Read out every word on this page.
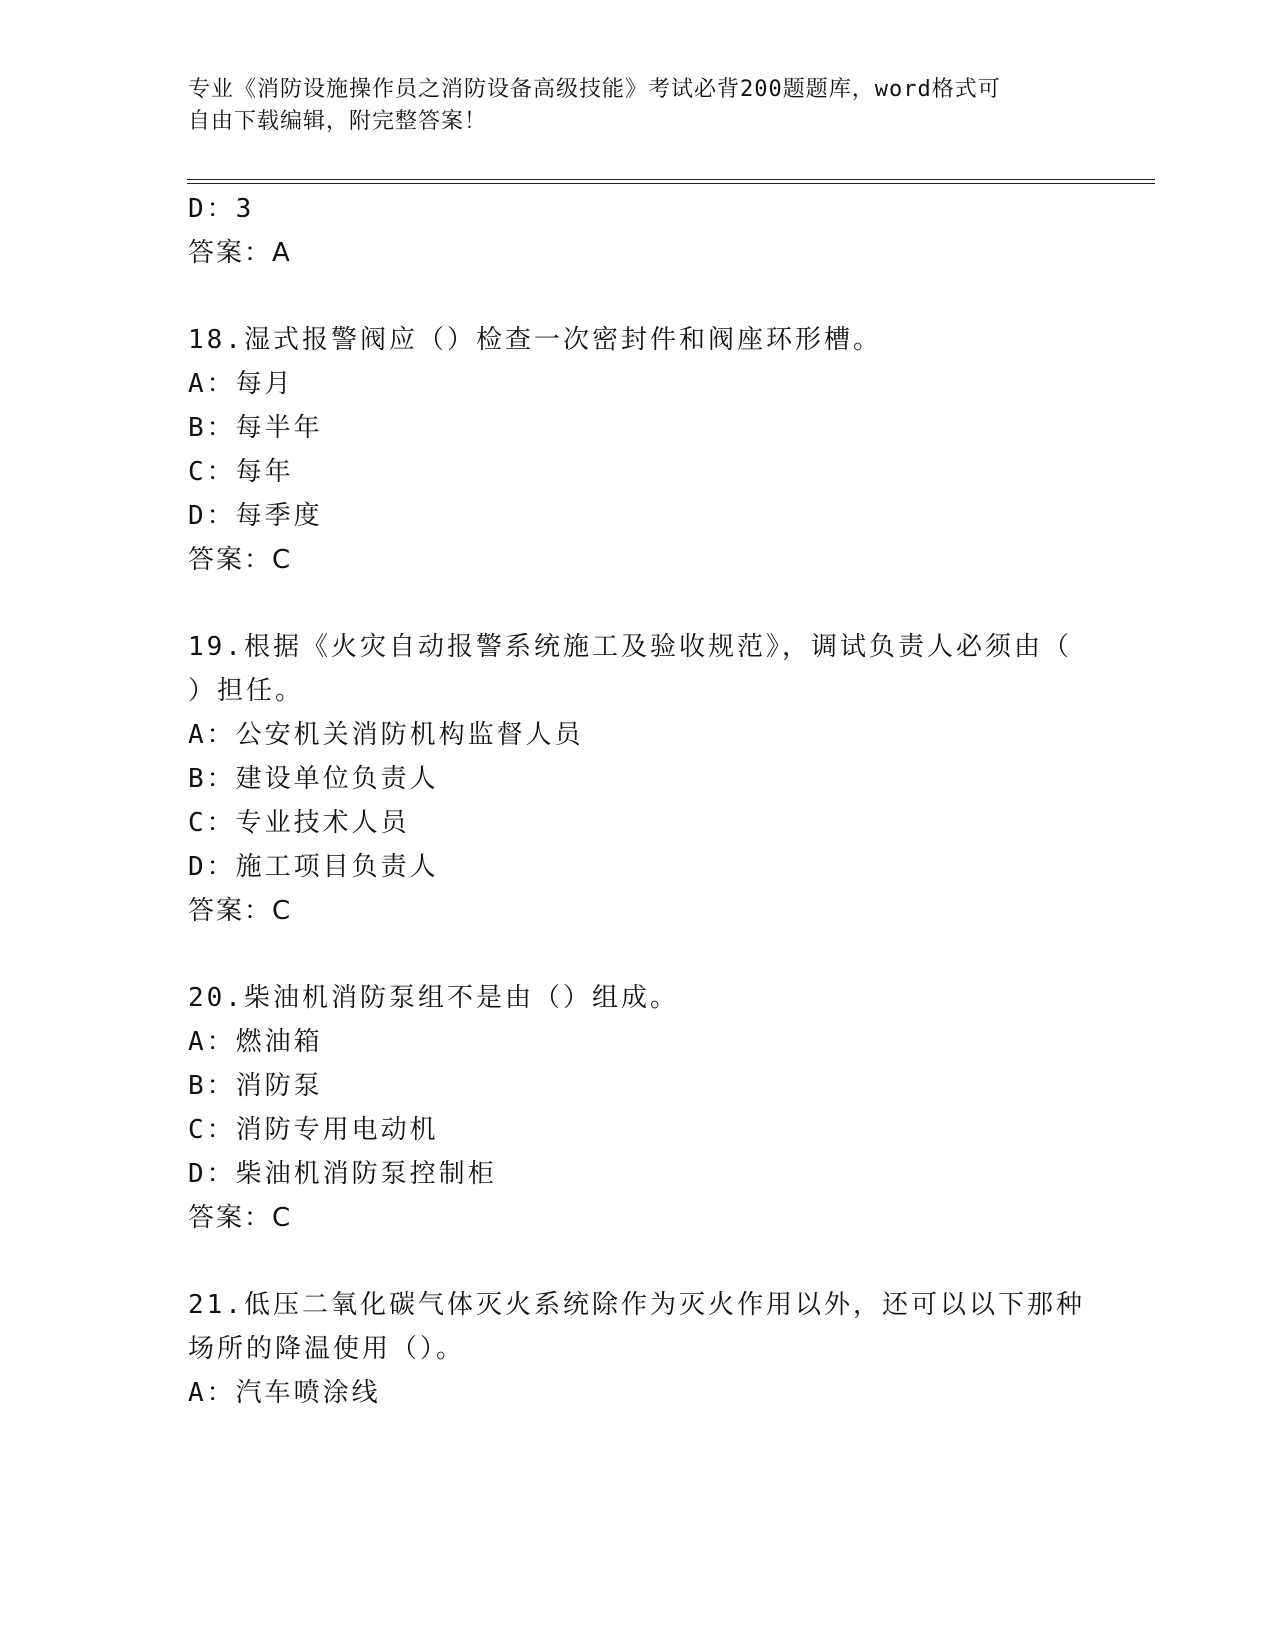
专业《消防设施操作员之消防设备高级技能》考试必背200题题库，word格式可
自由下载编辑，附完整答案！
D：3
答案：A
18.湿式报警阀应（）检查一次密封件和阀座环形槽。
A：每月
B：每半年
C：每年
D：每季度
答案：C
19.根据《火灾自动报警系统施工及验收规范》，调试负责人必须由（
）担任。
A：公安机关消防机构监督人员
B：建设单位负责人
C：专业技术人员
D：施工项目负责人
答案：C
20.柴油机消防泵组不是由（）组成。
A：燃油箱
B：消防泵
C：消防专用电动机
D：柴油机消防泵控制柜
答案：C
21.低压二氧化碳气体灭火系统除作为灭火作用以外，还可以以下那种
场所的降温使用（）。
A：汽车喷涂线
